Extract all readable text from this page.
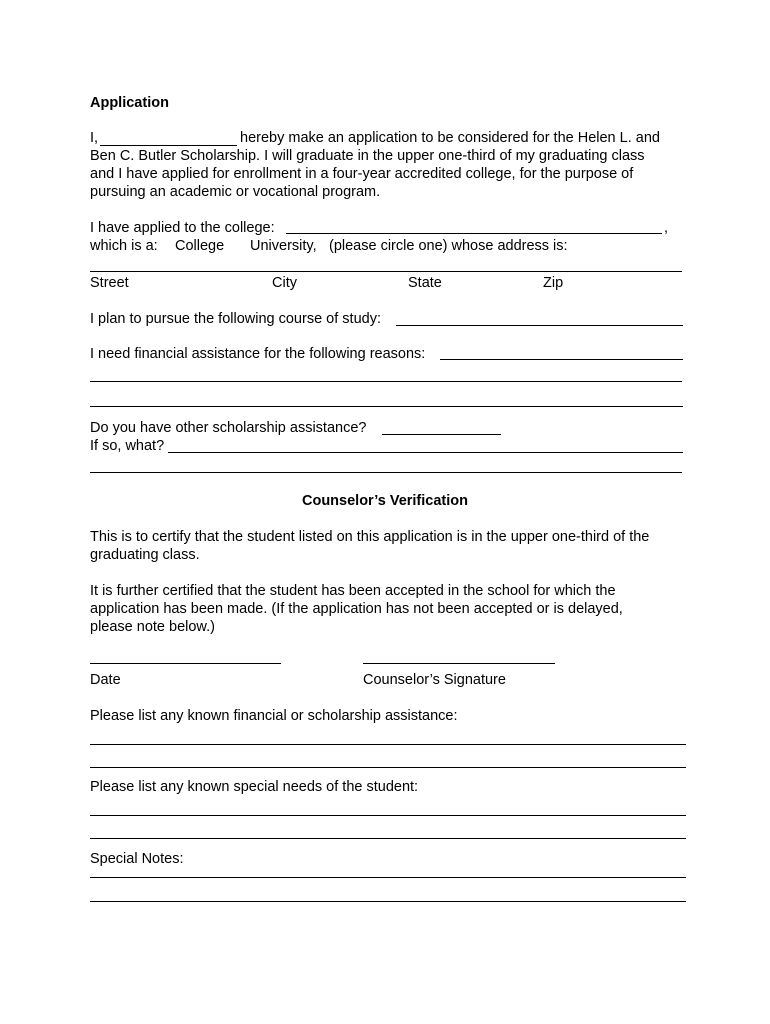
Application
I,	hereby make an application to be considered for the Helen L. and
Ben C. Butler Scholarship. I will graduate in the upper one-third of my graduating class
and I have applied for enrollment in a four-year accredited college, for the purpose of
pursuing an academic or vocational program.
I have applied to the college:	,
which is a: College University, (please circle one) whose address is:
Street	City	State	Zip
I plan to pursue the following course of study:
I need financial assistance for the following reasons:
Do you have other scholarship assistance?
If so, what?
Counselor’s Verification
This is to certify that the student listed on this application is in the upper one-third of the
graduating class.
It is further certified that the student has been accepted in the school for which the
application has been made. (If the application has not been accepted or is delayed,
please note below.)
Date	Counselor’s Signature
Please list any known financial or scholarship assistance:
Please list any known special needs of the student:
Special Notes:
